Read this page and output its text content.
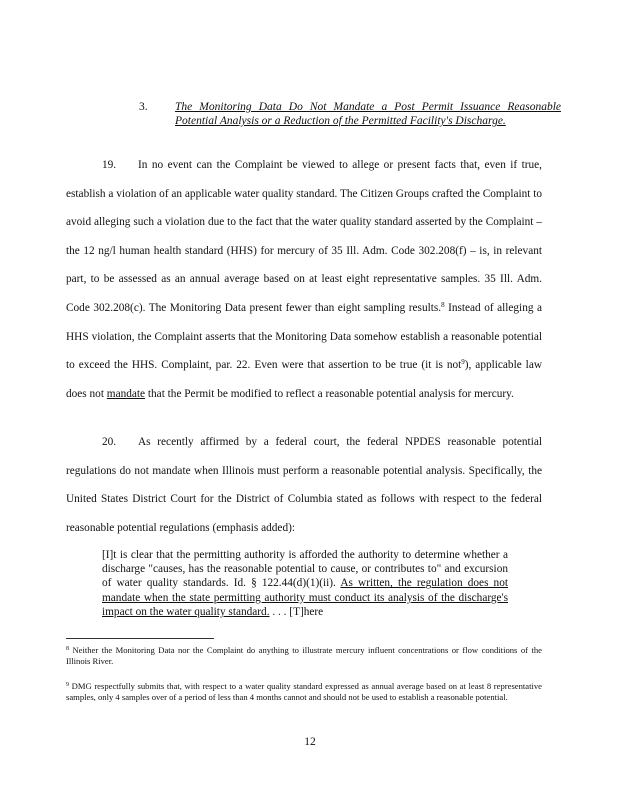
3. The Monitoring Data Do Not Mandate a Post Permit Issuance Reasonable Potential Analysis or a Reduction of the Permitted Facility's Discharge.
19. In no event can the Complaint be viewed to allege or present facts that, even if true, establish a violation of an applicable water quality standard. The Citizen Groups crafted the Complaint to avoid alleging such a violation due to the fact that the water quality standard asserted by the Complaint – the 12 ng/l human health standard (HHS) for mercury of 35 Ill. Adm. Code 302.208(f) – is, in relevant part, to be assessed as an annual average based on at least eight representative samples. 35 Ill. Adm. Code 302.208(c). The Monitoring Data present fewer than eight sampling results.$^8$ Instead of alleging a HHS violation, the Complaint asserts that the Monitoring Data somehow establish a reasonable potential to exceed the HHS. Complaint, par. 22. Even were that assertion to be true (it is not$^9$), applicable law does not mandate that the Permit be modified to reflect a reasonable potential analysis for mercury.
20. As recently affirmed by a federal court, the federal NPDES reasonable potential regulations do not mandate when Illinois must perform a reasonable potential analysis. Specifically, the United States District Court for the District of Columbia stated as follows with respect to the federal reasonable potential regulations (emphasis added):
[I]t is clear that the permitting authority is afforded the authority to determine whether a discharge "causes, has the reasonable potential to cause, or contributes to" and excursion of water quality standards. Id. § 122.44(d)(1)(ii). As written, the regulation does not mandate when the state permitting authority must conduct its analysis of the discharge's impact on the water quality standard. . . . [T]here
$^8$ Neither the Monitoring Data nor the Complaint do anything to illustrate mercury influent concentrations or flow conditions of the Illinois River.
$^9$ DMG respectfully submits that, with respect to a water quality standard expressed as annual average based on at least 8 representative samples, only 4 samples over of a period of less than 4 months cannot and should not be used to establish a reasonable potential.
12
